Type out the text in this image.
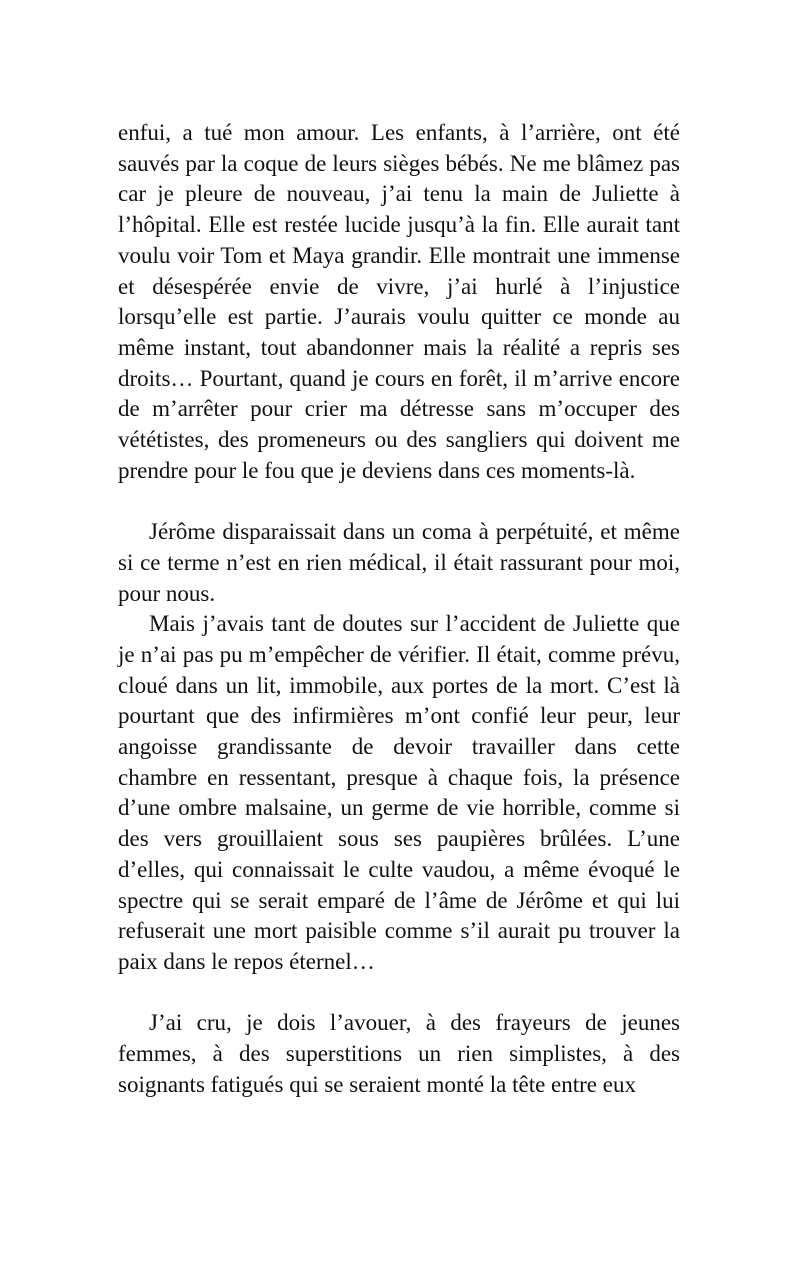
enfui, a tué mon amour. Les enfants, à l’arrière, ont été sauvés par la coque de leurs sièges bébés. Ne me blâmez pas car je pleure de nouveau, j’ai tenu la main de Juliette à l’hôpital. Elle est restée lucide jusqu’à la fin. Elle aurait tant voulu voir Tom et Maya grandir. Elle montrait une immense et désespérée envie de vivre, j’ai hurlé à l’injustice lorsqu’elle est partie. J’aurais voulu quitter ce monde au même instant, tout abandonner mais la réalité a repris ses droits… Pourtant, quand je cours en forêt, il m’arrive encore de m’arrêter pour crier ma détresse sans m’occuper des vététistes, des promeneurs ou des sangliers qui doivent me prendre pour le fou que je deviens dans ces moments-là.

Jérôme disparaissait dans un coma à perpétuité, et même si ce terme n’est en rien médical, il était rassurant pour moi, pour nous.

Mais j’avais tant de doutes sur l’accident de Juliette que je n’ai pas pu m’empêcher de vérifier. Il était, comme prévu, cloué dans un lit, immobile, aux portes de la mort. C’est là pourtant que des infirmières m’ont confié leur peur, leur angoisse grandissante de devoir travailler dans cette chambre en ressentant, presque à chaque fois, la présence d’une ombre malsaine, un germe de vie horrible, comme si des vers grouillaient sous ses paupières brûlées. L’une d’elles, qui connaissait le culte vaudou, a même évoqué le spectre qui se serait emparé de l’âme de Jérôme et qui lui refuserait une mort paisible comme s’il aurait pu trouver la paix dans le repos éternel…

J’ai cru, je dois l’avouer, à des frayeurs de jeunes femmes, à des superstitions un rien simplistes, à des soignants fatigués qui se seraient monté la tête entre eux
